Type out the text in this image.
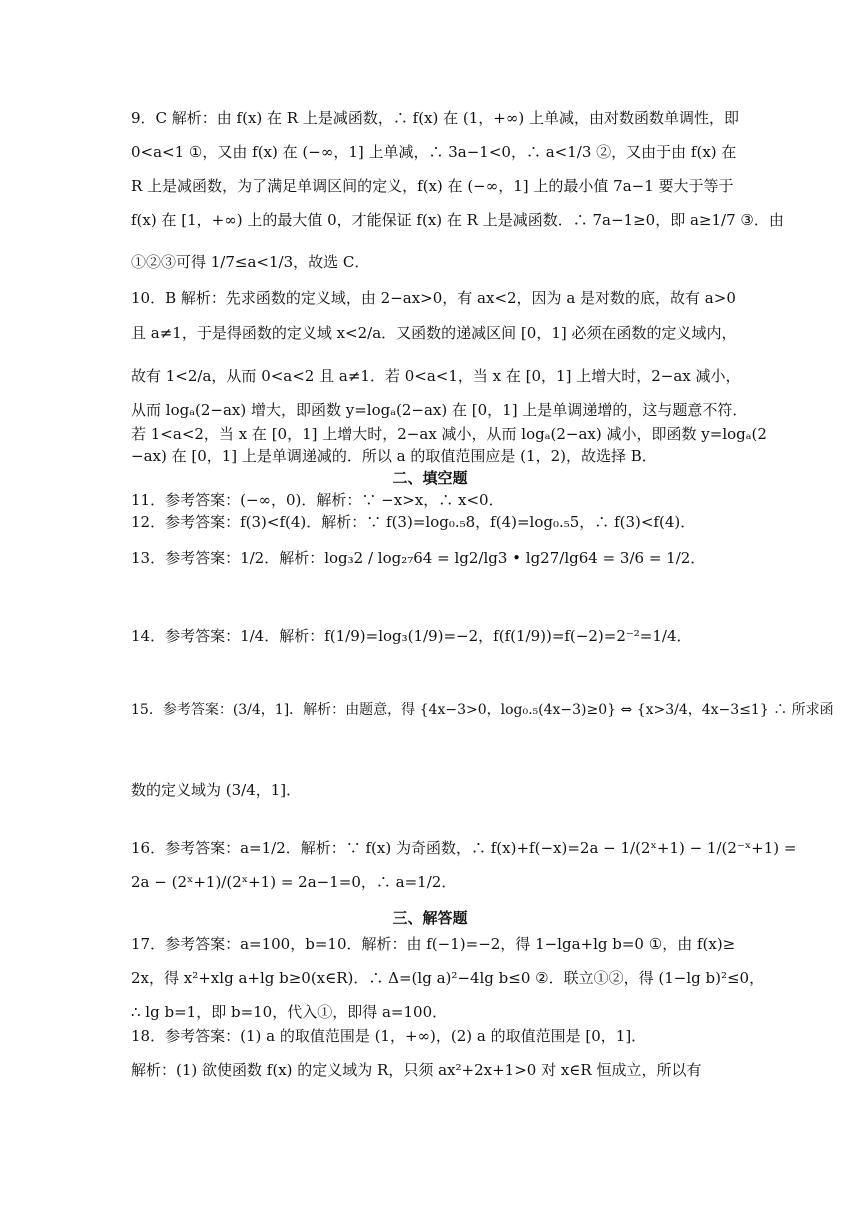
9．C 解析：由 f(x) 在 R 上是减函数，∴ f(x) 在 (1，+∞) 上单减，由对数函数单调性，即
0<a<1 ①，又由 f(x) 在 (−∞，1] 上单减，∴ 3a−1<0，∴ a<1/3 ②，又由于由 f(x) 在
R 上是减函数，为了满足单调区间的定义，f(x) 在 (−∞，1] 上的最小值 7a−1 要大于等于
f(x) 在 [1，+∞) 上的最大值 0，才能保证 f(x) 在 R 上是减函数．∴ 7a−1≥0，即 a≥1/7 ③．由
①②③可得 1/7≤a<1/3，故选 C．
10．B 解析：先求函数的定义域，由 2−ax>0，有 ax<2，因为 a 是对数的底，故有 a>0
且 a≠1，于是得函数的定义域 x<2/a．又函数的递减区间 [0，1] 必须在函数的定义域内，
故有 1<2/a，从而 0<a<2 且 a≠1．若 0<a<1，当 x 在 [0，1] 上增大时，2−ax 减小，
从而 logₐ(2−ax) 增大，即函数 y=logₐ(2−ax) 在 [0，1] 上是单调递增的，这与题意不符．
若 1<a<2，当 x 在 [0，1] 上增大时，2−ax 减小，从而 logₐ(2−ax) 减小，即函数 y=logₐ(2
−ax) 在 [0，1] 上是单调递减的．所以 a 的取值范围应是 (1，2)，故选择 B．
二、填空题
11．参考答案：(−∞，0)．解析：∵ −x>x，∴ x<0．
12．参考答案：f(3)<f(4)．解析：∵ f(3)=log₀.₅8，f(4)=log₀.₅5，∴ f(3)<f(4)．
13．参考答案：1/2．解析：log₃2 / log₂₇64 = lg2/lg3 • lg27/lg64 = 3/6 = 1/2．
14．参考答案：1/4．解析：f(1/9)=log₃(1/9)=−2，f(f(1/9))=f(−2)=2⁻²=1/4．
15．参考答案：(3/4，1]．解析：由题意，得 {4x−3>0，log₀.₅(4x−3)≥0} ⇔ {x>3/4，4x−3≤1} ∴ 所求函
数的定义域为 (3/4，1]．
16．参考答案：a=1/2．解析：∵ f(x) 为奇函数，∴ f(x)+f(−x)=2a − 1/(2ˣ+1) − 1/(2⁻ˣ+1) =
2a − (2ˣ+1)/(2ˣ+1) = 2a−1=0，∴ a=1/2．
三、解答题
17．参考答案：a=100，b=10．解析：由 f(−1)=−2，得 1−lga+lg b=0 ①，由 f(x)≥
2x，得 x²+xlg a+lg b≥0(x∈R)．∴ Δ=(lg a)²−4lg b≤0 ②．联立①②，得 (1−lg b)²≤0，
∴ lg b=1，即 b=10，代入①，即得 a=100．
18．参考答案：(1) a 的取值范围是 (1，+∞)，(2) a 的取值范围是 [0，1]．
解析：(1) 欲使函数 f(x) 的定义域为 R，只须 ax²+2x+1>0 对 x∈R 恒成立，所以有
